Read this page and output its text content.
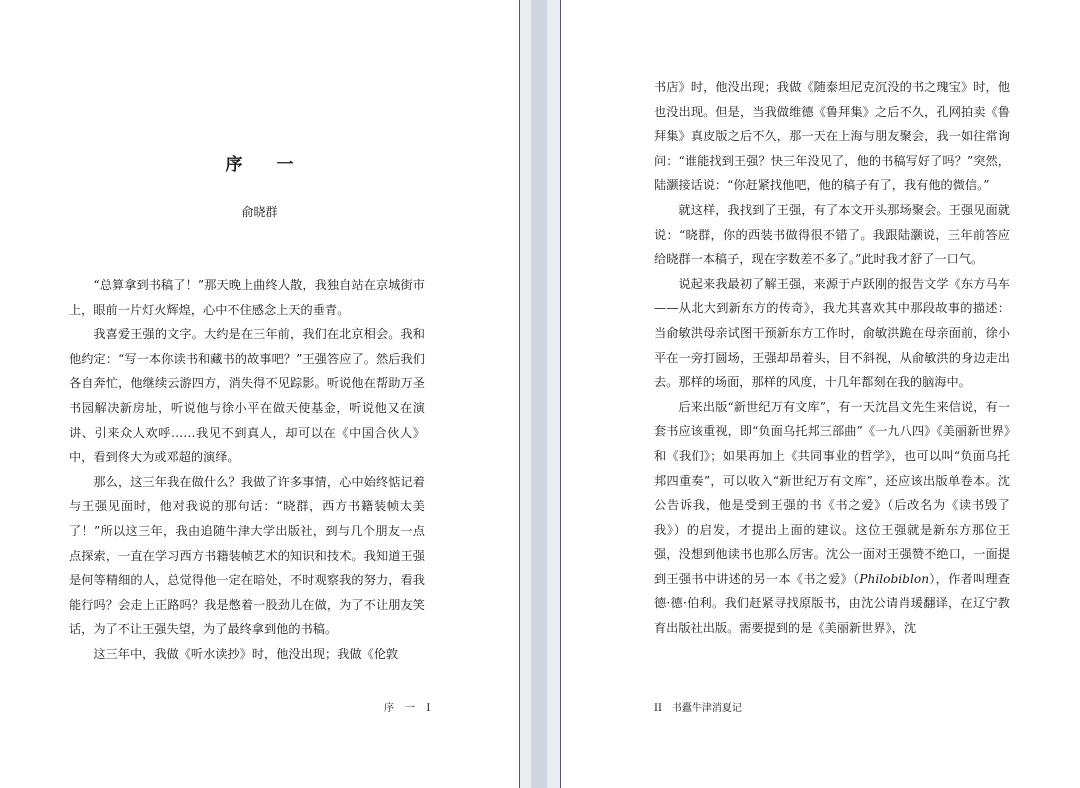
序 一
俞晓群

“总算拿到书稿了！”那天晚上曲终人散，我独自站在京城街市上，眼前一片灯火辉煌，心中不住感念上天的垂青。

我喜爱王强的文字。大约是在三年前，我们在北京相会。我和他约定：“写一本你读书和藏书的故事吧？”王强答应了。然后我们各自奔忙，他继续云游四方，消失得不见踪影。听说他在帮助万圣书园解决新房址，听说他与徐小平在做天使基金，听说他又在演讲、引来众人欢呼……我见不到真人，却可以在《中国合伙人》中，看到佟大为或邓超的演绎。

那么，这三年我在做什么？我做了许多事情，心中始终惦记着与王强见面时，他对我说的那句话：“晓群，西方书籍装帧太美了！”所以这三年，我由追随牛津大学出版社，到与几个朋友一点点探索，一直在学习西方书籍装帧艺术的知识和技术。我知道王强是何等精细的人，总觉得他一定在暗处，不时观察我的努力，看我能行吗？会走上正路吗？我是憋着一股劲儿在做，为了不让朋友笑话，为了不让王强失望，为了最终拿到他的书稿。

这三年中，我做《听水读抄》时，他没出现；我做《伦敦

序 一 I

书店》时，他没出现；我做《随泰坦尼克沉没的书之瑰宝》时，他也没出现。但是，当我做维德《鲁拜集》之后不久，孔网拍卖《鲁拜集》真皮版之后不久，那一天在上海与朋友聚会，我一如往常询问：“谁能找到王强？快三年没见了，他的书稿写好了吗？”突然，陆灏接话说：“你赶紧找他吧，他的稿子有了，我有他的微信。”

就这样，我找到了王强，有了本文开头那场聚会。王强见面就说：“晓群，你的西装书做得很不错了。我跟陆灏说，三年前答应给晓群一本稿子，现在字数差不多了。”此时我才舒了一口气。

说起来我最初了解王强，来源于卢跃刚的报告文学《东方马车——从北大到新东方的传奇》，我尤其喜欢其中那段故事的描述：当俞敏洪母亲试图干预新东方工作时，俞敏洪跪在母亲面前，徐小平在一旁打圆场，王强却昂着头，目不斜视，从俞敏洪的身边走出去。那样的场面，那样的风度，十几年都刻在我的脑海中。

后来出版“新世纪万有文库”，有一天沈昌文先生来信说，有一套书应该重视，即“负面乌托邦三部曲”《一九八四》《美丽新世界》和《我们》；如果再加上《共同事业的哲学》，也可以叫“负面乌托邦四重奏”，可以收入“新世纪万有文库”，还应该出版单卷本。沈公告诉我，他是受到王强的书《书之爱》（后改名为《读书毁了我》）的启发，才提出上面的建议。这位王强就是新东方那位王强，没想到他读书也那么厉害。沈公一面对王强赞不绝口，一面提到王强书中讲述的另一本《书之爱》（Philobiblon），作者叫理查德·德·伯利。我们赶紧寻找原版书，由沈公请肖瑗翻译，在辽宁教育出版社出版。需要提到的是《美丽新世界》，沈

II 书蠹牛津消夏记
